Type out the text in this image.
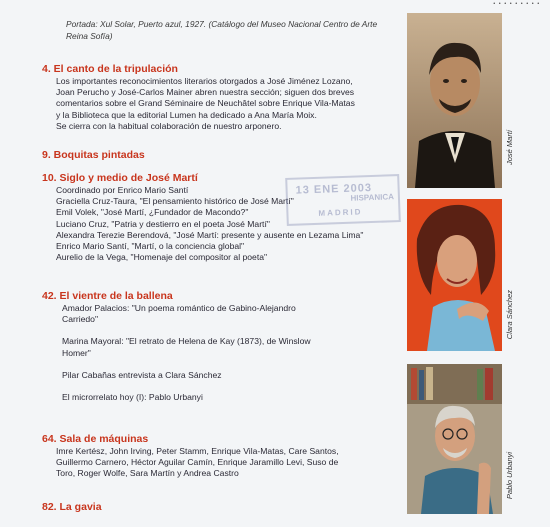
·········
Portada: Xul Solar, Puerto azul, 1927. (Catálogo del Museo Nacional Centro de Arte Reina Sofía)
4. El canto de la tripulación
Los importantes reconocimientos literarios otorgados a José Jiménez Lozano,
Joan Perucho y José-Carlos Mainer abren nuestra sección; siguen dos breves
comentarios sobre el Grand Séminaire de Neuchâtel sobre Enrique Vila-Matas
y la Biblioteca que la editorial Lumen ha dedicado a Ana María Moix.
Se cierra con la habitual colaboración de nuestro arponero.
9. Boquitas pintadas
10. Siglo y medio de José Martí
Coordinado por Enrico Mario Santí
Graciella Cruz-Taura, "El pensamiento histórico de José Martí"
Emil Volek, "José Martí, ¿Fundador de Macondo?"
Luciano Cruz, "Patria y destierro en el poeta José Martí"
Alexandra Terezie Berendová, "José Martí: presente y ausente en Lezama Lima"
Enrico Mario Santí, "Martí, o la conciencia global"
Aurelio de la Vega, "Homenaje del compositor al poeta"
42. El vientre de la ballena
Amador Palacios: "Un poema romántico de Gabino-Alejandro
Carriedo"
Marina Mayoral: "El retrato de Helena de Kay (1873), de Winslow
Homer"
Pilar Cabañas entrevista a Clara Sánchez
El microrrelato hoy (I): Pablo Urbanyi
64. Sala de máquinas
Imre Kertész, John Irving, Peter Stamm, Enrique Vila-Matas, Care Santos,
Guillermo Carnero, Héctor Aguilar Camín, Enrique Jaramillo Levi, Suso de
Toro, Roger Wolfe, Sara Martín y Andrea Castro
82. La gavia
13 ENE 2003
HISPANICA
MADRID
José Martí
Clara Sánchez
Pablo Urbanyi
